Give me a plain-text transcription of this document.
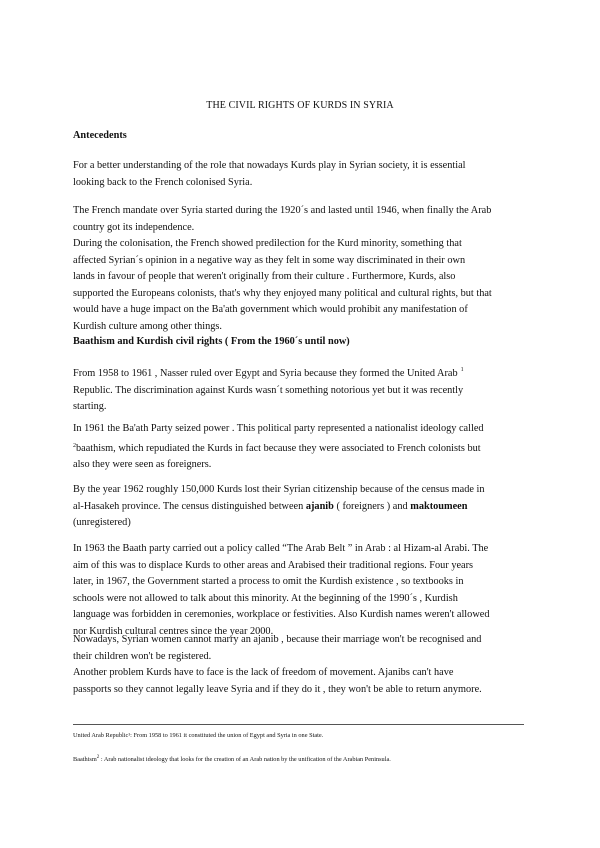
THE CIVIL RIGHTS OF KURDS IN SYRIA
Antecedents

For a better understanding of the role that nowadays Kurds play in Syrian society, it is essential
looking back to the French colonised Syria.

The French mandate over Syria started during the 1920´s and lasted until 1946, when finally the Arab
country got its independence.
During the colonisation, the French showed predilection for the Kurd minority, something that
affected Syrian´s opinion in a negative way as they felt in some way discriminated in their own
lands in favour of people that weren't originally from their culture . Furthermore, Kurds, also
supported the Europeans colonists, that's why they enjoyed many political and cultural rights, but that
would have a huge impact on the Ba'ath government which would prohibit any manifestation of
Kurdish culture among other things.

Baathism and Kurdish civil rights ( From the 1960´s until now)

From 1958 to 1961 , Nasser ruled over Egypt and Syria because they formed the United Arab $^1$
Republic. The discrimination against Kurds wasn´t something notorious yet but it was recently
starting.

In 1961 the Ba'ath Party seized power . This political party represented a nationalist ideology called
$^2$baathism, which repudiated the Kurds in fact because they were associated to French colonists but
also they were seen as foreigners.

By the year 1962 roughly 150,000 Kurds lost their Syrian citizenship because of the census made in
al-Hasakeh province. The census distinguished between ajanib ( foreigners ) and maktoumeen
(unregistered)

In 1963 the Baath party carried out a policy called “The Arab Belt ” in Arab : al Hizam-al Arabi. The
aim of this was to displace Kurds to other areas and Arabised their traditional regions. Four years
later, in 1967, the Government started a process to omit the Kurdish existence , so textbooks in
schools were not allowed to talk about this minority. At the beginning of the 1990´s , Kurdish
language was forbidden in ceremonies, workplace or festivities. Also Kurdish names weren't allowed
nor Kurdish cultural centres since the year 2000.

Nowadays, Syrian women cannot marry an ajanib , because their marriage won't be recognised and
their children won't be registered.
Another problem Kurds have to face is the lack of freedom of movement. Ajanibs can't have
passports so they cannot legally leave Syria and if they do it , they won't be able to return anymore.

United Arab Republic¹: From 1958 to 1961 it constituted the union of Egypt and Syria in one State.
Baathism$^2$ : Arab nationalist ideology that looks for the creation of an Arab nation by the unification of the Arabian Peninsula.
